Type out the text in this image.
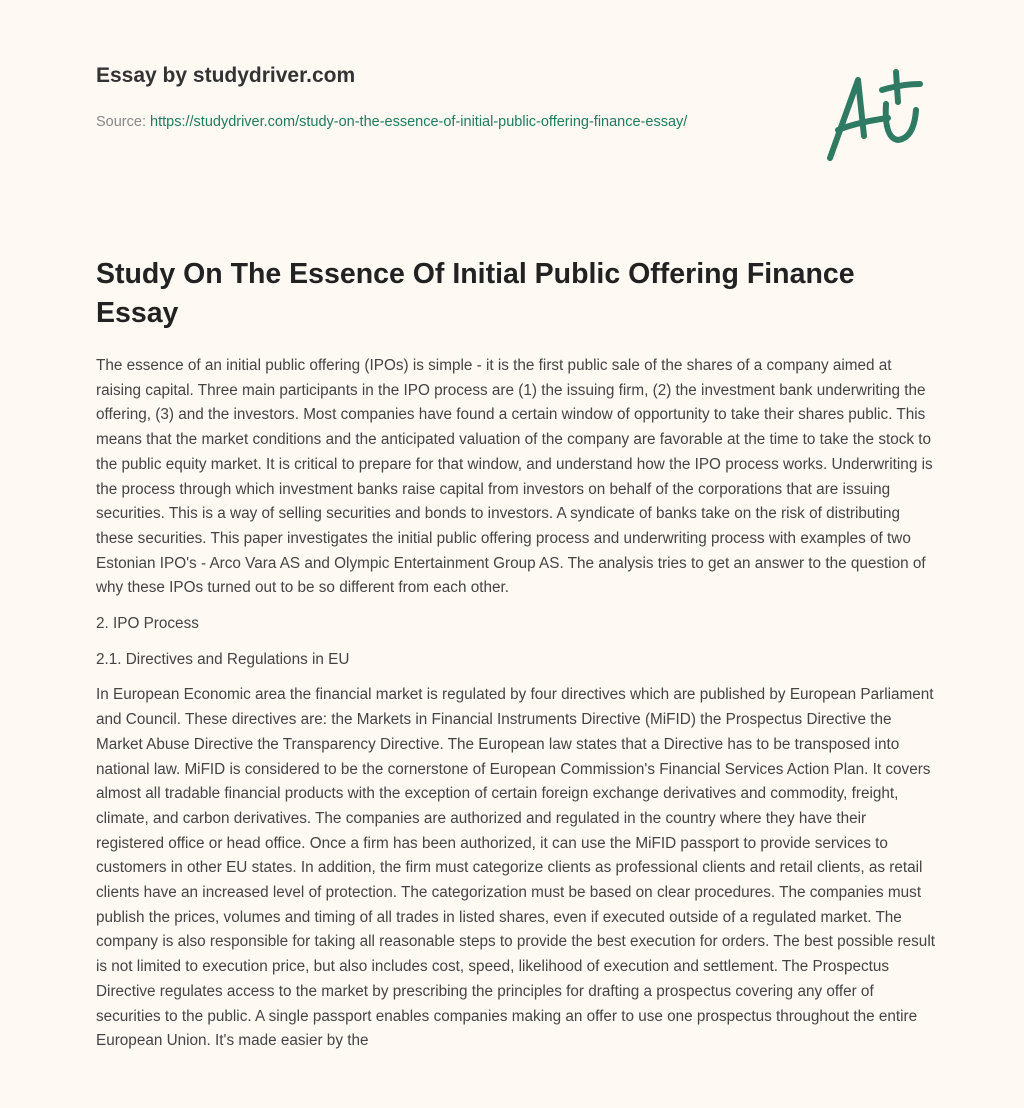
Essay by studydriver.com
Source: https://studydriver.com/study-on-the-essence-of-initial-public-offering-finance-essay/
Study On The Essence Of Initial Public Offering Finance Essay

The essence of an initial public offering (IPOs) is simple - it is the first public sale of the shares of a company aimed at raising capital. Three main participants in the IPO process are (1) the issuing firm, (2) the investment bank underwriting the offering, (3) and the investors. Most companies have found a certain window of opportunity to take their shares public. This means that the market conditions and the anticipated valuation of the company are favorable at the time to take the stock to the public equity market. It is critical to prepare for that window, and understand how the IPO process works. Underwriting is the process through which investment banks raise capital from investors on behalf of the corporations that are issuing securities. This is a way of selling securities and bonds to investors. A syndicate of banks take on the risk of distributing these securities. This paper investigates the initial public offering process and underwriting process with examples of two Estonian IPO's - Arco Vara AS and Olympic Entertainment Group AS. The analysis tries to get an answer to the question of why these IPOs turned out to be so different from each other.

2. IPO Process

2.1. Directives and Regulations in EU

In European Economic area the financial market is regulated by four directives which are published by European Parliament and Council. These directives are: the Markets in Financial Instruments Directive (MiFID) the Prospectus Directive the Market Abuse Directive the Transparency Directive. The European law states that a Directive has to be transposed into national law. MiFID is considered to be the cornerstone of European Commission's Financial Services Action Plan. It covers almost all tradable financial products with the exception of certain foreign exchange derivatives and commodity, freight, climate, and carbon derivatives. The companies are authorized and regulated in the country where they have their registered office or head office. Once a firm has been authorized, it can use the MiFID passport to provide services to customers in other EU states. In addition, the firm must categorize clients as professional clients and retail clients, as retail clients have an increased level of protection. The categorization must be based on clear procedures. The companies must publish the prices, volumes and timing of all trades in listed shares, even if executed outside of a regulated market. The company is also responsible for taking all reasonable steps to provide the best execution for orders. The best possible result is not limited to execution price, but also includes cost, speed, likelihood of execution and settlement. The Prospectus Directive regulates access to the market by prescribing the principles for drafting a prospectus covering any offer of securities to the public. A single passport enables companies making an offer to use one prospectus throughout the entire European Union. It's made easier by the
